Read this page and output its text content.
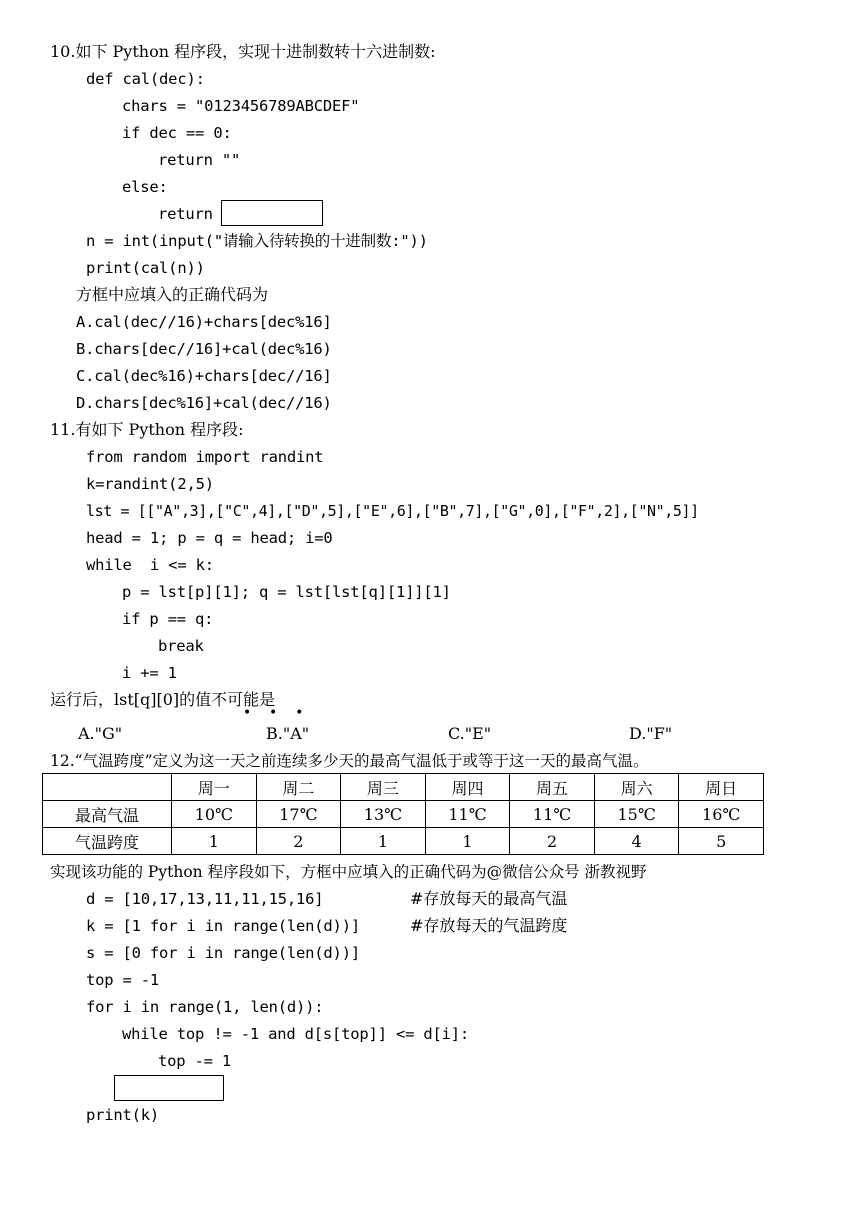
10.如下 Python 程序段，实现十进制数转十六进制数:
def cal(dec):
chars = "0123456789ABCDEF"
if dec == 0:
return ""
else:
return
n = int(input("请输入待转换的十进制数:"))
print(cal(n))
方框中应填入的正确代码为
A.cal(dec//16)+chars[dec%16]
B.chars[dec//16]+cal(dec%16)
C.cal(dec%16)+chars[dec//16]
D.chars[dec%16]+cal(dec//16)
11.有如下 Python 程序段:
from random import randint
k=randint(2,5)
lst = [["A",3],["C",4],["D",5],["E",6],["B",7],["G",0],["F",2],["N",5]]
head = 1; p = q = head; i=0
while  i <= k:
p = lst[p][1]; q = lst[lst[q][1]][1]
if p == q:
break
i += 1
运行后，lst[q][0]的值不可能是
•    •    •
A."G"	B."A"	C."E"	D."F"
12.“气温跨度”定义为这一天之前连续多少天的最高气温低于或等于这一天的最高气温。
	周一	周二	周三	周四	周五	周六	周日
最高气温	10℃	17℃	13℃	11℃	11℃	15℃	16℃
气温跨度	1	2	1	1	2	4	5
实现该功能的 Python 程序段如下，方框中应填入的正确代码为@微信公众号 浙教视野
d = [10,17,13,11,11,15,16]	#存放每天的最高气温
k = [1 for i in range(len(d))]	#存放每天的气温跨度
s = [0 for i in range(len(d))]
top = -1
for i in range(1, len(d)):
while top != -1 and d[s[top]] <= d[i]:
top -= 1
print(k)
